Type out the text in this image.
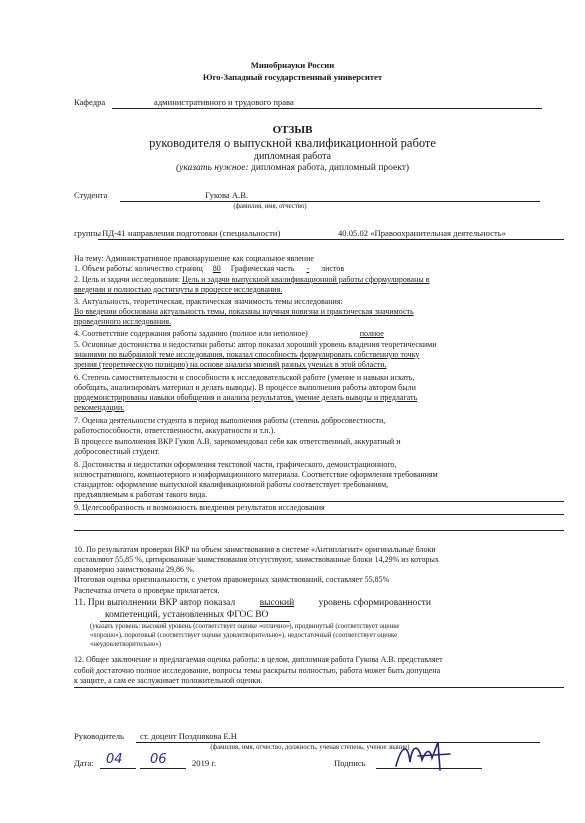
Минобрнауки России
Юго-Западный государственный университет
Кафедра	административного и трудового права
ОТЗЫВ
руководителя о выпускной квалификационной работе
дипломная работа
(указать нужное: дипломная работа, дипломный проект)
Студента	Гукова А.В.
(фамилия, имя, отчество)
группы ПД-41 направления подготовки (специальности)	40.05.02 «Правоохранительная деятельность»
На тему: Административное правонарушение как социальное явление
1. Объем работы: количество страниц 80 Графическая часть - листов
2. Цель и задачи исследования: Цель и задачи выпускной квалификационной работы сформулированы в
введении и полностью достигнуты в процессе исследования.
3. Актуальность, теоретическая, практическая значимость темы исследования:
Во введении обоснована актуальность темы, показаны научная новизна и практическая значимость
проведенного исследования.
4. Соответствие содержания работы заданию (полное или неполное)	полное
5. Основные достоинства и недостатки работы: автор показал хороший уровень владения теоретическими
знаниями по выбранной теме исследования, показал способность формулировать собственную точку
зрения (теоретическую позицию) на основе анализа мнений разных ученых в этой области.
6. Степень самостоятельности и способности к исследовательской работе (умение и навыки искать,
обобщать, анализировать материал и делать выводы). В процессе выполнения работы автором были
продемонстрированы навыки обобщения и анализа результатов, умение делать выводы и предлагать
рекомендации.
7. Оценка деятельности студента в период выполнения работы (степень добросовестности,
работоспособности, ответственности, аккуратности и т.п.).
В процессе выполнения ВКР Гуков А.В. зарекомендовал себя как ответственный, аккуратный и
добросовестный студент.
8. Достоинства и недостатки оформления текстовой части, графического, демонстрационного,
иллюстративного, компьютерного и информационного материала. Соответствие оформления требованиям
стандартов: оформление выпускной квалификационной работы соответствует требованиям,
предъявляемым к работам такого вида.
9. Целесообразность и возможность внедрения результатов исследования
10. По результатам проверки ВКР на объем заимствования в системе «Антиплагиат» оригинальные блоки
составляют 55,85 %, цитированные заимствования отсутствуют, заимствованные блоки 14,29% из которых
правомерно заимствованы 29,86 %.
Итоговая оценка оригинальности, с учетом правомерных заимствований, составляет 55,85%
Распечатка отчета о проверке прилагается.
11. При выполнении ВКР автор показал	высокий	уровень сформированности
компетенций, установленных ФГОС ВО
(указать уровень: высокий уровень (соответствует оценке «отлично»), продвинутый (соответствует оценке
«хорошо»), пороговый (соответствует оценке удовлетворительно»), недостаточный (соответствует оценке
«неудовлетворительно»)
12. Общее заключение и предлагаемая оценка работы: в целом, дипломная работа Гукова А.В. представляет
собой достаточно полное исследование, вопросы темы раскрыты полностью, работа может быть допущена
к защите, а сам ее заслуживает положительной оценки.
Руководитель ст. доцент Позднякова Е.Н
(фамилия, имя, отчество, должность, ученая степень, ученое звание)
Дата: 04 06	2019 г.	Подпись
